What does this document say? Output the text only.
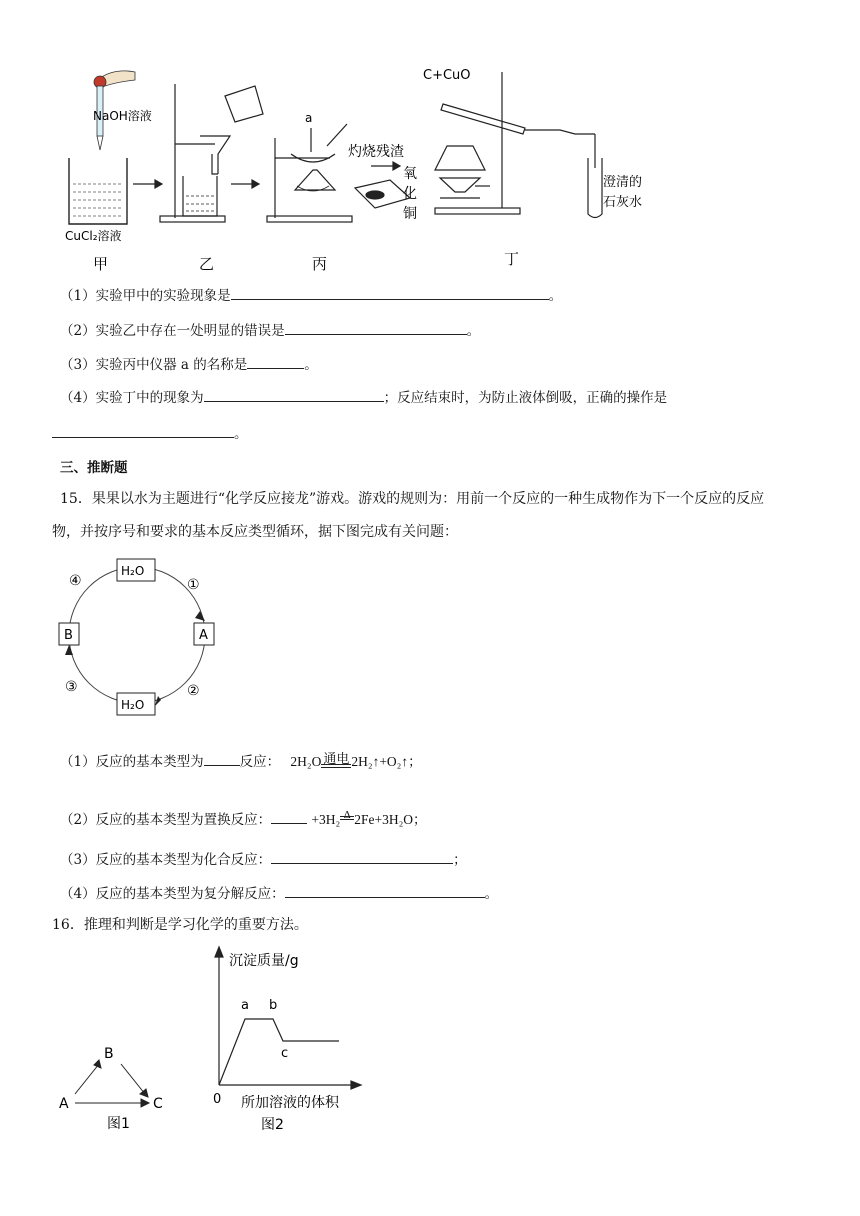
a
灼烧残渣
氧
化
铜
C+CuO
澄清的
石灰水
NaOH溶液
CuCl₂溶液
甲	乙	丙	丁
（1）实验甲中的实验现象是	。
（2）实验乙中存在一处明显的错误是	。
（3）实验丙中仪器 a 的名称是	。
（4）实验丁中的现象为	；反应结束时，为防止液体倒吸，正确的操作是
。
三、推断题
15．果果以水为主题进行“化学反应接龙”游戏。游戏的规则为：用前一个反应的一种生成物作为下一个反应的反应
物，并按序号和要求的基本反应类型循环，据下图完成有关问题：
H₂O
A
H₂O
B
①
②
③
④
（1）反应的基本类型为	反应： 2H₂O 通电 2H₂↑+O₂↑；
（2）反应的基本类型为置换反应：	+3H₂ Δ 2Fe+3H₂O；
（3）反应的基本类型为化合反应：	；
（4）反应的基本类型为复分解反应：	。
16．推理和判断是学习化学的重要方法。
A
B
C
图1
沉淀质量/g
a b
c
0 所加溶液的体积
图2
